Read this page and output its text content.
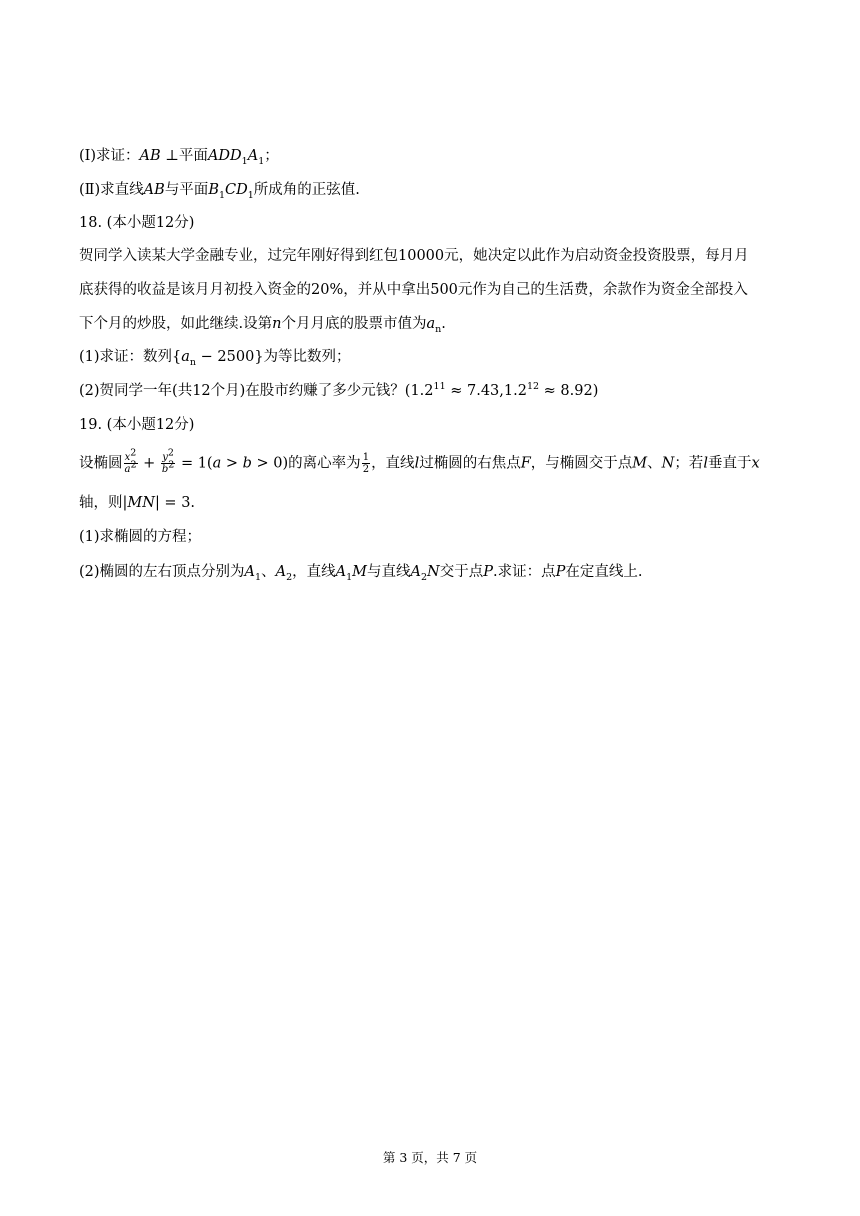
(Ⅰ)求证：AB ⊥平面$ADD_1A_1$；
(Ⅱ)求直线AB与平面$B_1CD_1$所成角的正弦值.
18. (本小题12分)
贺同学入读某大学金融专业，过完年刚好得到红包10000元，她决定以此作为启动资金投资股票，每月月
底获得的收益是该月月初投入资金的20%，并从中拿出500元作为自己的生活费，余款作为资金全部投入
下个月的炒股，如此继续.设第n个月月底的股票市值为$a_n$.
(1)求证：数列$\{a_n - 2500\}$为等比数列；
(2)贺同学一年(共12个月)在股市约赚了多少元钱？$(1.2^{11} \approx 7.43,1.2^{12} \approx 8.92)$
19. (本小题12分)
设椭圆 $\frac{x^2}{a^2} + \frac{y^2}{b^2} = 1(a > b > 0)$的离心率为 $\frac{1}{2}$ ，直线l过椭圆的右焦点F，与椭圆交于点M、N；若l垂直于x
轴，则|MN| = 3.
(1)求椭圆的方程；
(2)椭圆的左右顶点分别为$A_1$、$A_2$，直线$A_1M$与直线$A_2N$交于点P.求证：点P在定直线上.
第 3 页，共 7 页
